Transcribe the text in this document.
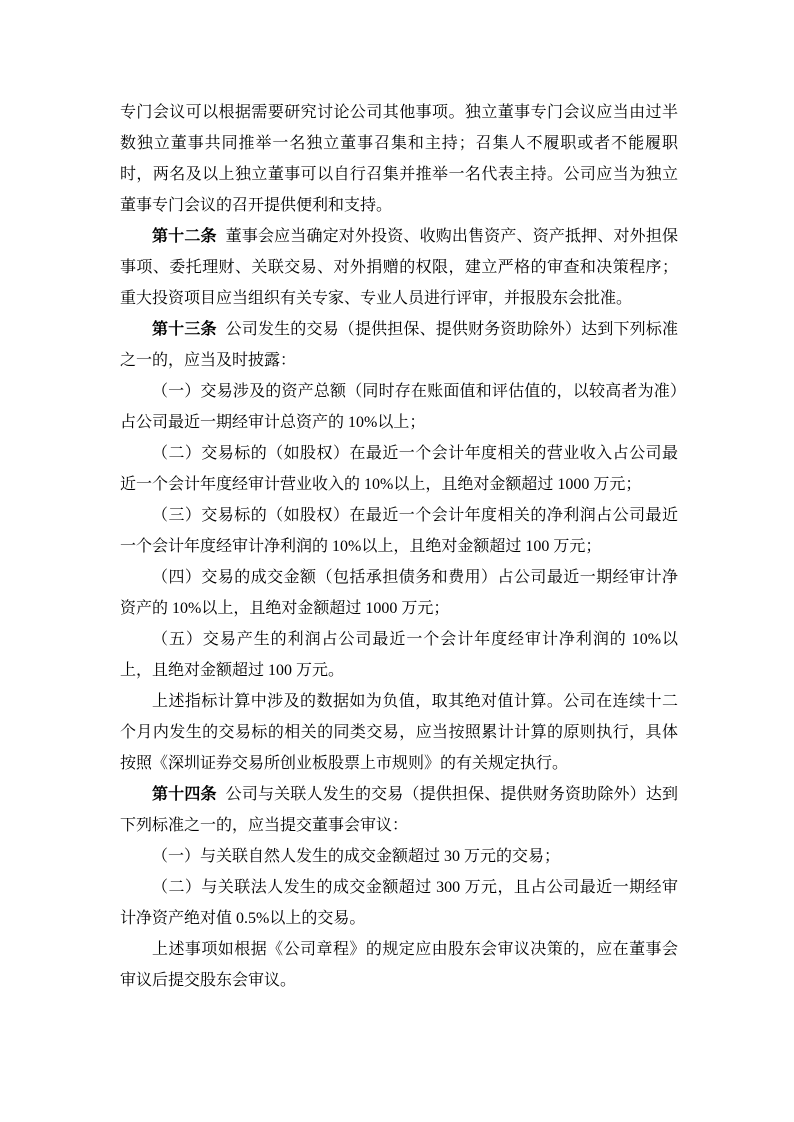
专门会议可以根据需要研究讨论公司其他事项。独立董事专门会议应当由过半数独立董事共同推举一名独立董事召集和主持；召集人不履职或者不能履职时，两名及以上独立董事可以自行召集并推举一名代表主持。公司应当为独立董事专门会议的召开提供便利和支持。

第十二条 董事会应当确定对外投资、收购出售资产、资产抵押、对外担保事项、委托理财、关联交易、对外捐赠的权限，建立严格的审查和决策程序；重大投资项目应当组织有关专家、专业人员进行评审，并报股东会批准。

第十三条 公司发生的交易（提供担保、提供财务资助除外）达到下列标准之一的，应当及时披露：

（一）交易涉及的资产总额（同时存在账面值和评估值的，以较高者为准）占公司最近一期经审计总资产的 10%以上；

（二）交易标的（如股权）在最近一个会计年度相关的营业收入占公司最近一个会计年度经审计营业收入的 10%以上，且绝对金额超过 1000 万元；

（三）交易标的（如股权）在最近一个会计年度相关的净利润占公司最近一个会计年度经审计净利润的 10%以上，且绝对金额超过 100 万元；

（四）交易的成交金额（包括承担债务和费用）占公司最近一期经审计净资产的 10%以上，且绝对金额超过 1000 万元；

（五）交易产生的利润占公司最近一个会计年度经审计净利润的 10%以上，且绝对金额超过 100 万元。

上述指标计算中涉及的数据如为负值，取其绝对值计算。公司在连续十二个月内发生的交易标的相关的同类交易，应当按照累计计算的原则执行，具体按照《深圳证券交易所创业板股票上市规则》的有关规定执行。

第十四条 公司与关联人发生的交易（提供担保、提供财务资助除外）达到下列标准之一的，应当提交董事会审议：

（一）与关联自然人发生的成交金额超过 30 万元的交易；

（二）与关联法人发生的成交金额超过 300 万元，且占公司最近一期经审计净资产绝对值 0.5%以上的交易。

上述事项如根据《公司章程》的规定应由股东会审议决策的，应在董事会审议后提交股东会审议。
